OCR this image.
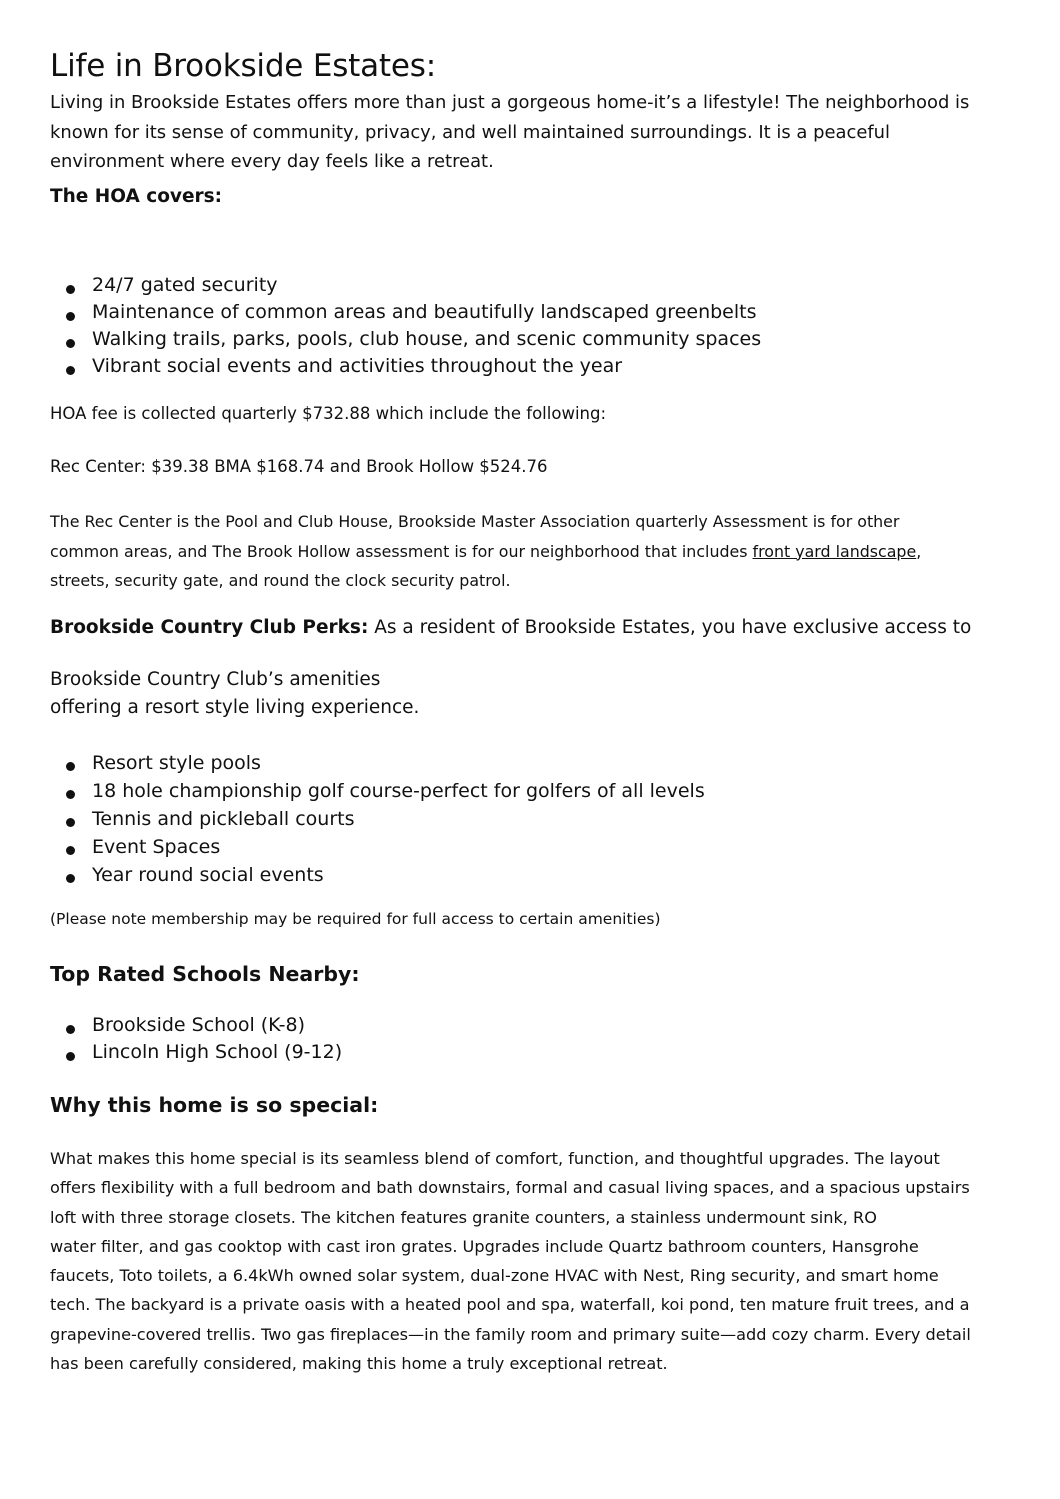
Life in Brookside Estates:
Living in Brookside Estates offers more than just a gorgeous home-it’s a lifestyle! The neighborhood is
known for its sense of community, privacy, and well maintained surroundings. It is a peaceful
environment where every day feels like a retreat.
The HOA covers:
24/7 gated security
Maintenance of common areas and beautifully landscaped greenbelts
Walking trails, parks, pools, club house, and scenic community spaces
Vibrant social events and activities throughout the year
HOA fee is collected quarterly $732.88 which include the following:
Rec Center: $39.38 BMA $168.74 and Brook Hollow $524.76
The Rec Center is the Pool and Club House, Brookside Master Association quarterly Assessment is for other
common areas, and The Brook Hollow assessment is for our neighborhood that includes front yard landscape,
streets, security gate, and round the clock security patrol.
Brookside Country Club Perks: As a resident of Brookside Estates, you have exclusive access to
Brookside Country Club’s amenities
offering a resort style living experience.
Resort style pools
18 hole championship golf course-perfect for golfers of all levels
Tennis and pickleball courts
Event Spaces
Year round social events
(Please note membership may be required for full access to certain amenities)
Top Rated Schools Nearby:
Brookside School (K-8)
Lincoln High School (9-12)
Why this home is so special:
What makes this home special is its seamless blend of comfort, function, and thoughtful upgrades. The layout
offers flexibility with a full bedroom and bath downstairs, formal and casual living spaces, and a spacious upstairs
loft with three storage closets. The kitchen features granite counters, a stainless undermount sink, RO
water filter, and gas cooktop with cast iron grates. Upgrades include Quartz bathroom counters, Hansgrohe
faucets, Toto toilets, a 6.4kWh owned solar system, dual-zone HVAC with Nest, Ring security, and smart home
tech. The backyard is a private oasis with a heated pool and spa, waterfall, koi pond, ten mature fruit trees, and a
grapevine-covered trellis. Two gas fireplaces—in the family room and primary suite—add cozy charm. Every detail
has been carefully considered, making this home a truly exceptional retreat.
